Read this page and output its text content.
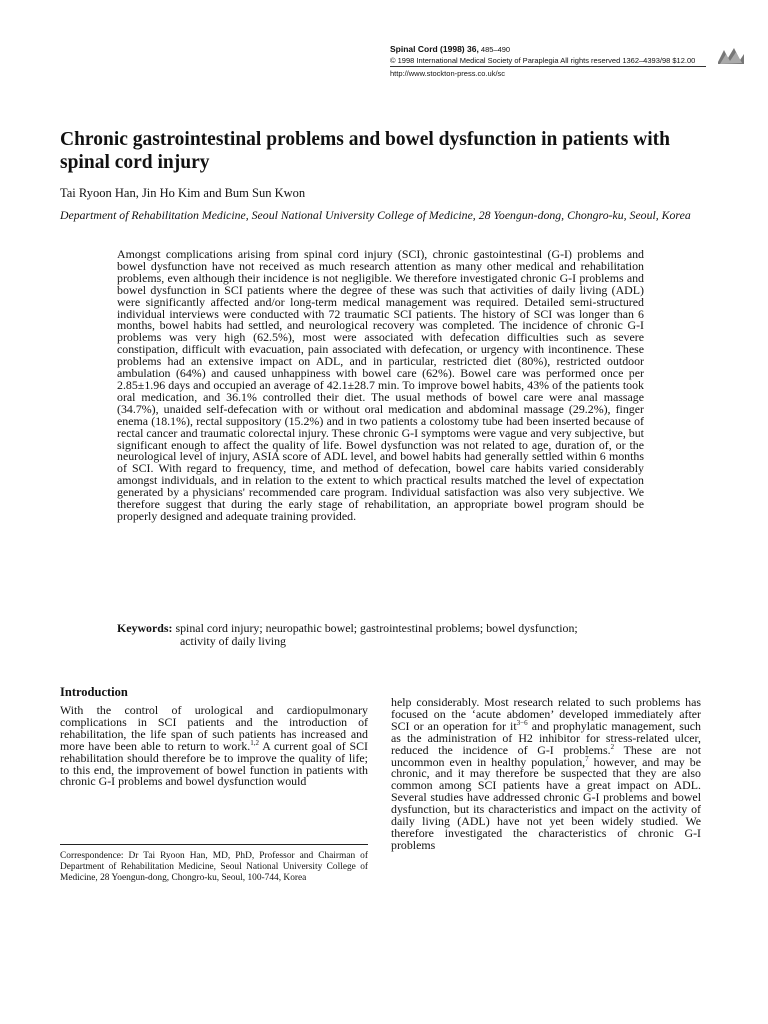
Spinal Cord (1998) 36, 485–490
© 1998 International Medical Society of Paraplegia All rights reserved 1362–4393/98 $12.00
http://www.stockton-press.co.uk/sc
Chronic gastrointestinal problems and bowel dysfunction in patients with spinal cord injury
Tai Ryoon Han, Jin Ho Kim and Bum Sun Kwon
Department of Rehabilitation Medicine, Seoul National University College of Medicine, 28 Yoengun-dong, Chongro-ku, Seoul, Korea

Amongst complications arising from spinal cord injury (SCI), chronic gastointestinal (G-I) problems and bowel dysfunction have not received as much research attention as many other medical and rehabilitation problems, even although their incidence is not negligible. We therefore investigated chronic G-I problems and bowel dysfunction in SCI patients where the degree of these was such that activities of daily living (ADL) were significantly affected and/or long-term medical management was required. Detailed semi-structured individual interviews were conducted with 72 traumatic SCI patients. The history of SCI was longer than 6 months, bowel habits had settled, and neurological recovery was completed. The incidence of chronic G-I problems was very high (62.5%), most were associated with defecation difficulties such as severe constipation, difficult with evacuation, pain associated with defecation, or urgency with incontinence. These problems had an extensive impact on ADL, and in particular, restricted diet (80%), restricted outdoor ambulation (64%) and caused unhappiness with bowel care (62%). Bowel care was performed once per 2.85±1.96 days and occupied an average of 42.1±28.7 min. To improve bowel habits, 43% of the patients took oral medication, and 36.1% controlled their diet. The usual methods of bowel care were anal massage (34.7%), unaided self-defecation with or without oral medication and abdominal massage (29.2%), finger enema (18.1%), rectal suppository (15.2%) and in two patients a colostomy tube had been inserted because of rectal cancer and traumatic colorectal injury. These chronic G-I symptoms were vague and very subjective, but significant enough to affect the quality of life. Bowel dysfunction was not related to age, duration of, or the neurological level of injury, ASIA score of ADL level, and bowel habits had generally settled within 6 months of SCI. With regard to frequency, time, and method of defecation, bowel care habits varied considerably amongst individuals, and in relation to the extent to which practical results matched the level of expectation generated by a physicians' recommended care program. Individual satisfaction was also very subjective. We therefore suggest that during the early stage of rehabilitation, an appropriate bowel program should be properly designed and adequate training provided.

Keywords: spinal cord injury; neuropathic bowel; gastrointestinal problems; bowel dysfunction;
activity of daily living
Introduction

With the control of urological and cardiopulmonary complications in SCI patients and the introduction of rehabilitation, the life span of such patients has increased and more have been able to return to work.$^{1,2}$ A current goal of SCI rehabilitation should therefore be to improve the quality of life; to this end, the improvement of bowel function in patients with chronic G-I problems and bowel dysfunction would

help considerably. Most research related to such problems has focused on the ‘acute abdomen’ developed immediately after SCI or an operation for $it^{3-6}$ and prophylatic management, such as the administration of H2 inhibitor for stress-related ulcer, reduced the incidence of G-I problems.$^2$ These are not uncommon even in healthy population,$^7$ however, and may be chronic, and it may therefore be suspected that they are also common among SCI patients have a great impact on ADL. Several studies have addressed chronic G-I problems and bowel dysfunction, but its characteristics and impact on the activity of daily living (ADL) have not yet been widely studied. We therefore investigated the characteristics of chronic G-I problems

Correspondence: Dr Tai Ryoon Han, MD, PhD, Professor and Chairman of Department of Rehabilitation Medicine, Seoul National University College of Medicine, 28 Yoengun-dong, Chongro-ku, Seoul, 100-744, Korea
